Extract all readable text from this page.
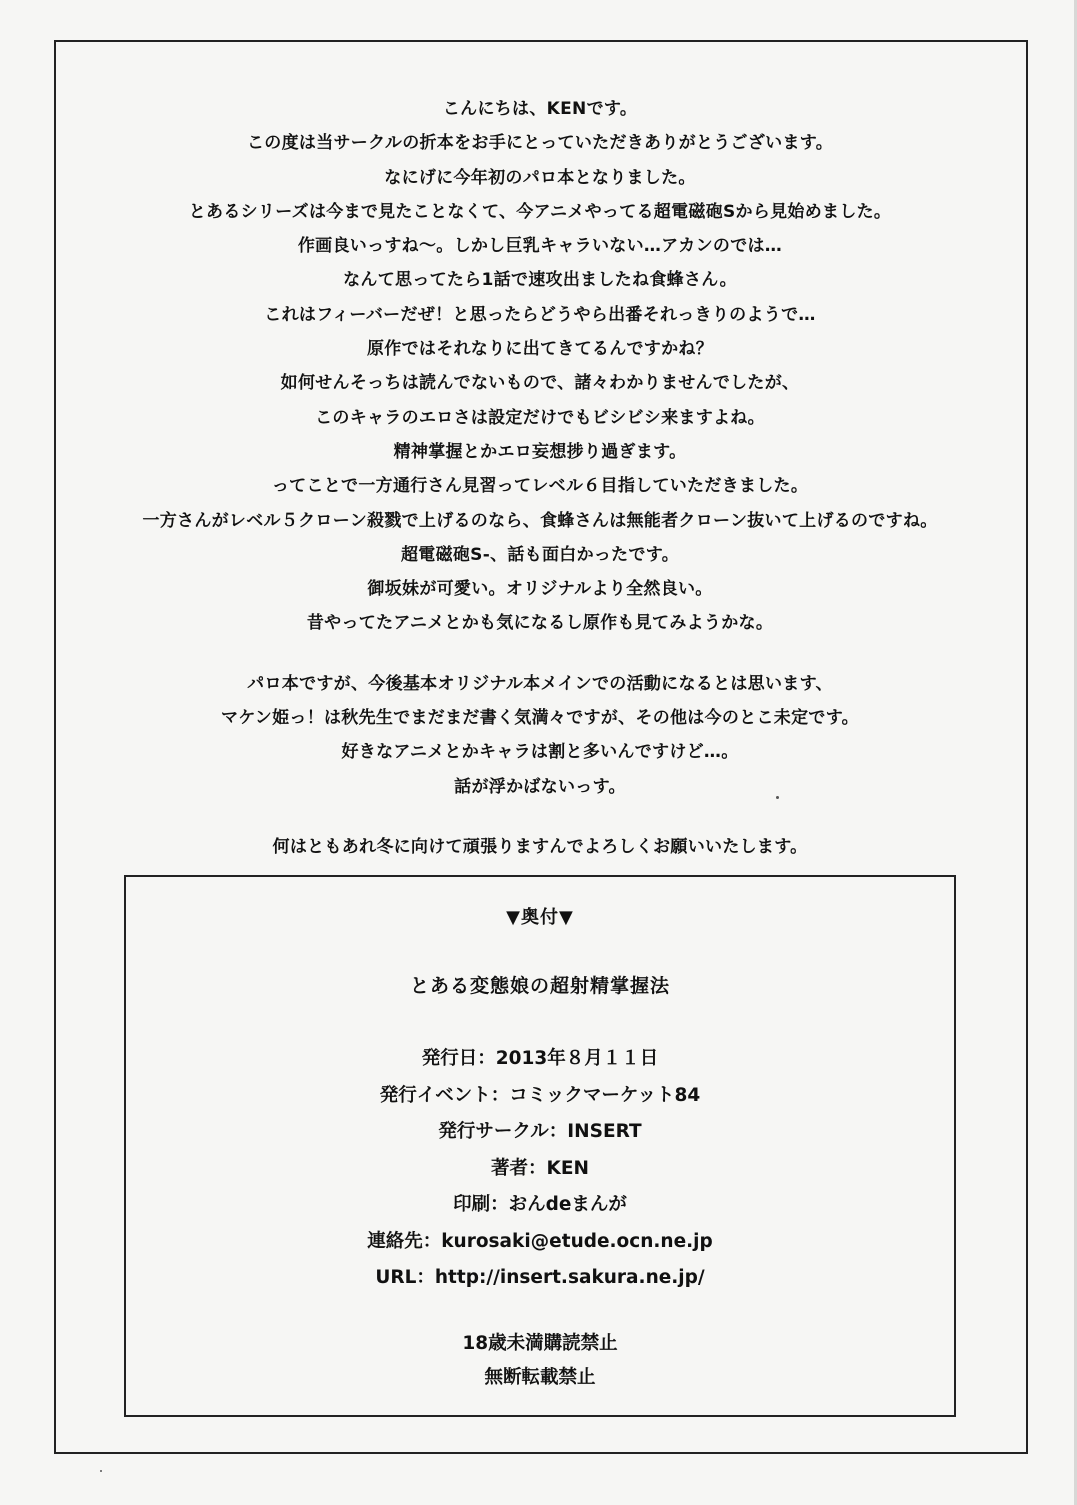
こんにちは、KENです。
この度は当サークルの折本をお手にとっていただきありがとうございます。
なにげに今年初のパロ本となりました。
とあるシリーズは今まで見たことなくて、今アニメやってる超電磁砲Sから見始めました。
作画良いっすね～。しかし巨乳キャラいない…アカンのでは…
なんて思ってたら1話で速攻出ましたね食蜂さん。
これはフィーバーだぜ！と思ったらどうやら出番それっきりのようで…
原作ではそれなりに出てきてるんですかね？
如何せんそっちは読んでないもので、諸々わかりませんでしたが、
このキャラのエロさは設定だけでもビシビシ来ますよね。
精神掌握とかエロ妄想捗り過ぎます。
ってことで一方通行さん見習ってレベル６目指していただきました。
一方さんがレベル５クローン殺戮で上げるのなら、食蜂さんは無能者クローン抜いて上げるのですね。
超電磁砲S-、話も面白かったです。
御坂妹が可愛い。オリジナルより全然良い。
昔やってたアニメとかも気になるし原作も見てみようかな。
パロ本ですが、今後基本オリジナル本メインでの活動になるとは思います、
マケン姫っ！は秋先生でまだまだ書く気満々ですが、その他は今のとこ未定です。
好きなアニメとかキャラは割と多いんですけど…。
話が浮かばないっす。
何はともあれ冬に向けて頑張りますんでよろしくお願いいたします。
▼奥付▼
とある変態娘の超射精掌握法
発行日：2013年８月１１日
発行イベント：コミックマーケット84
発行サークル：INSERT
著者：KEN
印刷：おんdeまんが
連絡先：kurosaki@etude.ocn.ne.jp
URL：http://insert.sakura.ne.jp/
18歳未満購読禁止
無断転載禁止
